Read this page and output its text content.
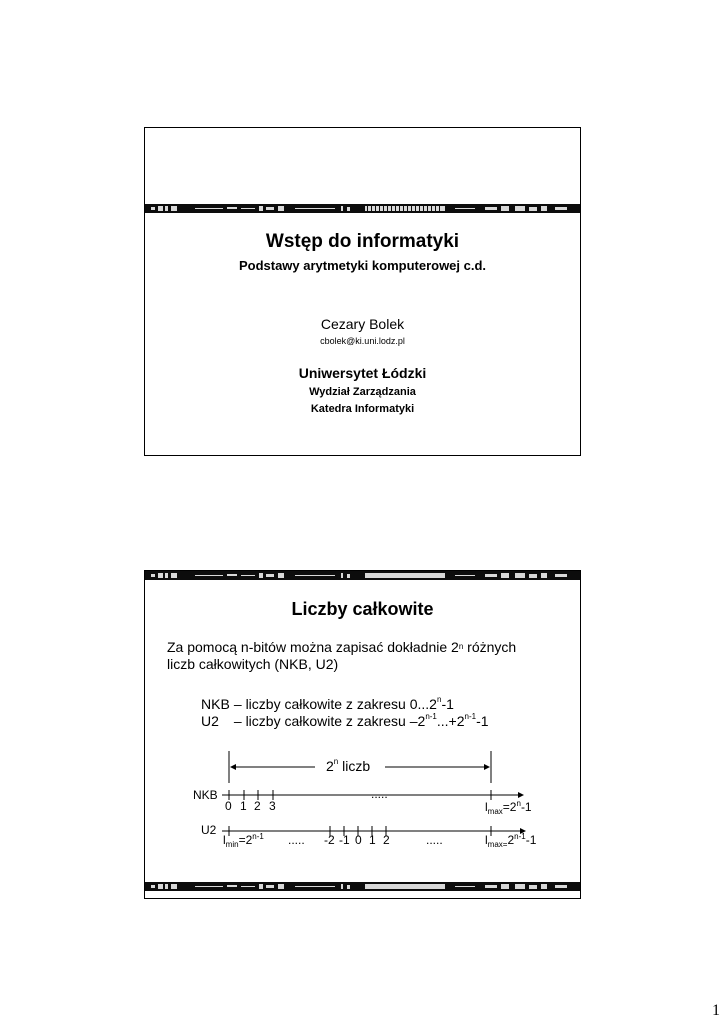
Wstęp do informatyki
Podstawy arytmetyki komputerowej c.d.
Cezary Bolek
cbolek@ki.uni.lodz.pl
Uniwersytet Łódzki
Wydział Zarządzania
Katedra Informatyki
Liczby całkowite
Za pomocą n-bitów można zapisać dokładnie 2$^n$ różnych
liczb całkowitych (NKB, U2)
NKB – liczby całkowite z zakresu 0...2$^n$-1
U2 – liczby całkowite z zakresu $-2^{n-1}...+2^{n-1}-1$
2$^n$ liczb
NKB
0 1 2 3
.....
$l_{max}=2^n-1$
U2
$l_{min}=2^{n-1}$ ..... -2 -1 0 1 2	.....	$l_{max=}2^{n-1}-1$
1
